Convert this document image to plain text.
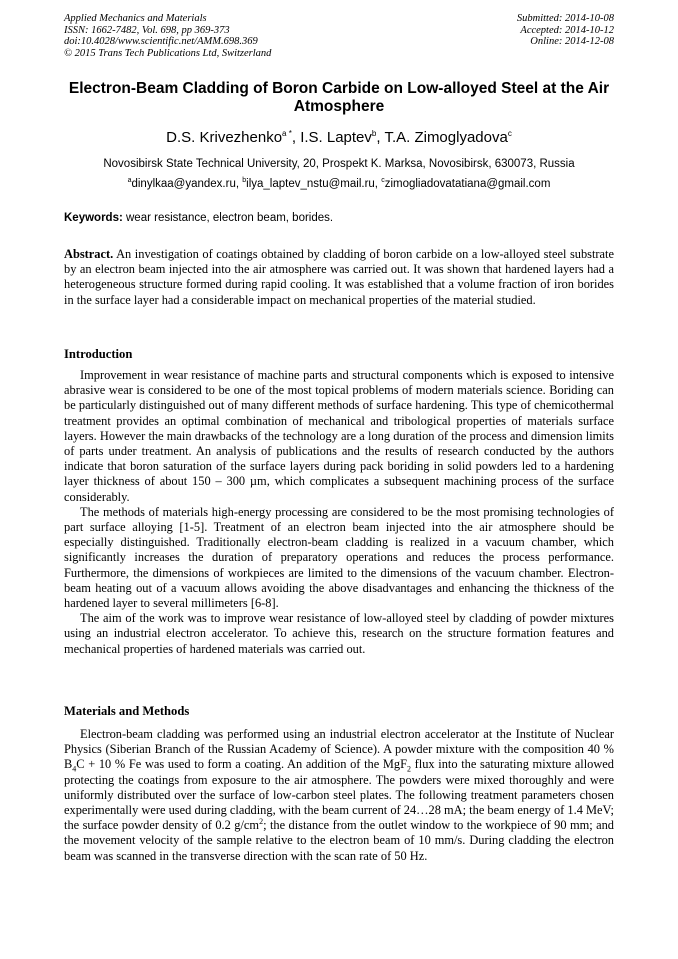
Applied Mechanics and Materials
ISSN: 1662-7482, Vol. 698, pp 369-373
doi:10.4028/www.scientific.net/AMM.698.369
© 2015 Trans Tech Publications Ltd, Switzerland
Submitted: 2014-10-08
Accepted: 2014-10-12
Online: 2014-12-08
Electron-Beam Cladding of Boron Carbide on Low-alloyed Steel at the Air Atmosphere
D.S. Krivezhenko$^{a *}$, I.S. Laptev$^b$, T.A. Zimoglyadova$^c$
Novosibirsk State Technical University, 20, Prospekt K. Marksa, Novosibirsk, 630073, Russia
$^a$dinylkaa@yandex.ru, $^b$ilya_laptev_nstu@mail.ru, $^c$zimogliadovatatiana@gmail.com
Keywords: wear resistance, electron beam, borides.

Abstract. An investigation of coatings obtained by cladding of boron carbide on a low-alloyed steel substrate by an electron beam injected into the air atmosphere was carried out. It was shown that hardened layers had a heterogeneous structure formed during rapid cooling. It was established that a volume fraction of iron borides in the surface layer had a considerable impact on mechanical properties of the material studied.

Introduction

Improvement in wear resistance of machine parts and structural components which is exposed to intensive abrasive wear is considered to be one of the most topical problems of modern materials science. Boriding can be particularly distinguished out of many different methods of surface hardening. This type of chemicothermal treatment provides an optimal combination of mechanical and tribological properties of materials surface layers. However the main drawbacks of the technology are a long duration of the process and dimension limits of parts under treatment. An analysis of publications and the results of research conducted by the authors indicate that boron saturation of the surface layers during pack boriding in solid powders led to a hardening layer thickness of about 150 – 300 µm, which complicates a subsequent machining process of the surface considerably.

The methods of materials high-energy processing are considered to be the most promising technologies of part surface alloying [1-5]. Treatment of an electron beam injected into the air atmosphere should be especially distinguished. Traditionally electron-beam cladding is realized in a vacuum chamber, which significantly increases the duration of preparatory operations and reduces the process performance. Furthermore, the dimensions of workpieces are limited to the dimensions of the vacuum chamber. Electron-beam heating out of a vacuum allows avoiding the above disadvantages and enhancing the thickness of the hardened layer to several millimeters [6-8].

The aim of the work was to improve wear resistance of low-alloyed steel by cladding of powder mixtures using an industrial electron accelerator. To achieve this, research on the structure formation features and mechanical properties of hardened materials was carried out.

Materials and Methods

Electron-beam cladding was performed using an industrial electron accelerator at the Institute of Nuclear Physics (Siberian Branch of the Russian Academy of Science). A powder mixture with the composition 40 % $B_4C + 10$ % Fe was used to form a coating. An addition of the MgF$_2$ flux into the saturating mixture allowed protecting the coatings from exposure to the air atmosphere. The powders were mixed thoroughly and were uniformly distributed over the surface of low-carbon steel plates. The following treatment parameters chosen experimentally were used during cladding, with the beam current of 24…28 mA; the beam energy of 1.4 MeV; the surface powder density of 0.2 $g/cm^2$; the distance from the outlet window to the workpiece of 90 mm; and the movement velocity of the sample relative to the electron beam of 10 mm/s. During cladding the electron beam was scanned in the transverse direction with the scan rate of 50 Hz.
